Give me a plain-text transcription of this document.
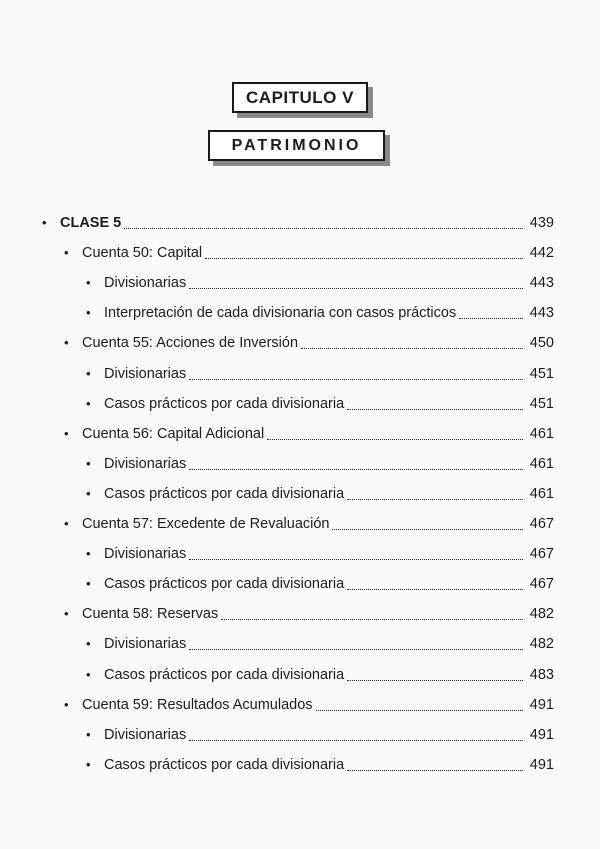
CAPITULO V
PATRIMONIO
• CLASE 5	439
• Cuenta 50: Capital	442
• Divisionarias	443
• Interpretación de cada divisionaria con casos prácticos	443
• Cuenta 55: Acciones de Inversión	450
• Divisionarias	451
• Casos prácticos por cada divisionaria	451
• Cuenta 56: Capital Adicional	461
• Divisionarias	461
• Casos prácticos por cada divisionaria	461
• Cuenta 57: Excedente de Revaluación	467
• Divisionarias	467
• Casos prácticos por cada divisionaria	467
• Cuenta 58: Reservas	482
• Divisionarias	482
• Casos prácticos por cada divisionaria	483
• Cuenta 59: Resultados Acumulados	491
• Divisionarias	491
• Casos prácticos por cada divisionaria	491
